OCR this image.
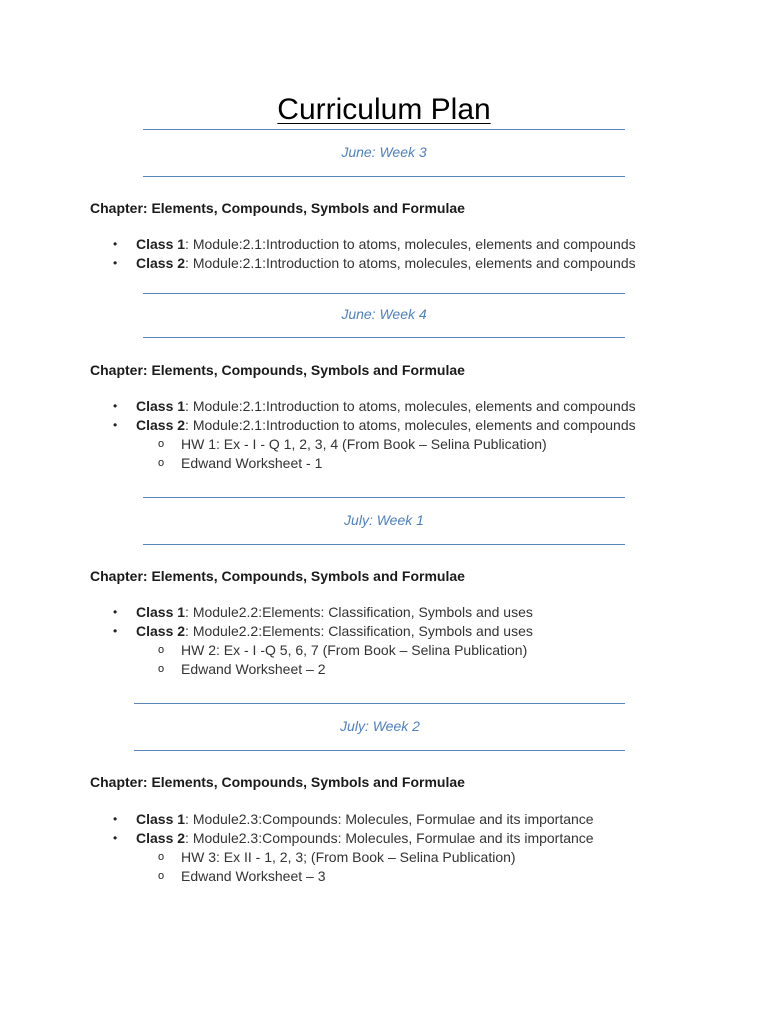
Curriculum Plan
June: Week 3
Chapter: Elements, Compounds, Symbols and Formulae
• Class 1: Module:2.1:Introduction to atoms, molecules, elements and compounds
• Class 2: Module:2.1:Introduction to atoms, molecules, elements and compounds
June: Week 4
Chapter: Elements, Compounds, Symbols and Formulae
• Class 1: Module:2.1:Introduction to atoms, molecules, elements and compounds
• Class 2: Module:2.1:Introduction to atoms, molecules, elements and compounds
o HW 1: Ex - I - Q 1, 2, 3, 4 (From Book – Selina Publication)
o Edwand Worksheet - 1
July: Week 1
Chapter: Elements, Compounds, Symbols and Formulae
• Class 1: Module2.2:Elements: Classification, Symbols and uses
• Class 2: Module2.2:Elements: Classification, Symbols and uses
o HW 2: Ex - I -Q 5, 6, 7 (From Book – Selina Publication)
o Edwand Worksheet – 2
July: Week 2
Chapter: Elements, Compounds, Symbols and Formulae
• Class 1: Module2.3:Compounds: Molecules, Formulae and its importance
• Class 2: Module2.3:Compounds: Molecules, Formulae and its importance
o HW 3: Ex II - 1, 2, 3; (From Book – Selina Publication)
o Edwand Worksheet – 3
